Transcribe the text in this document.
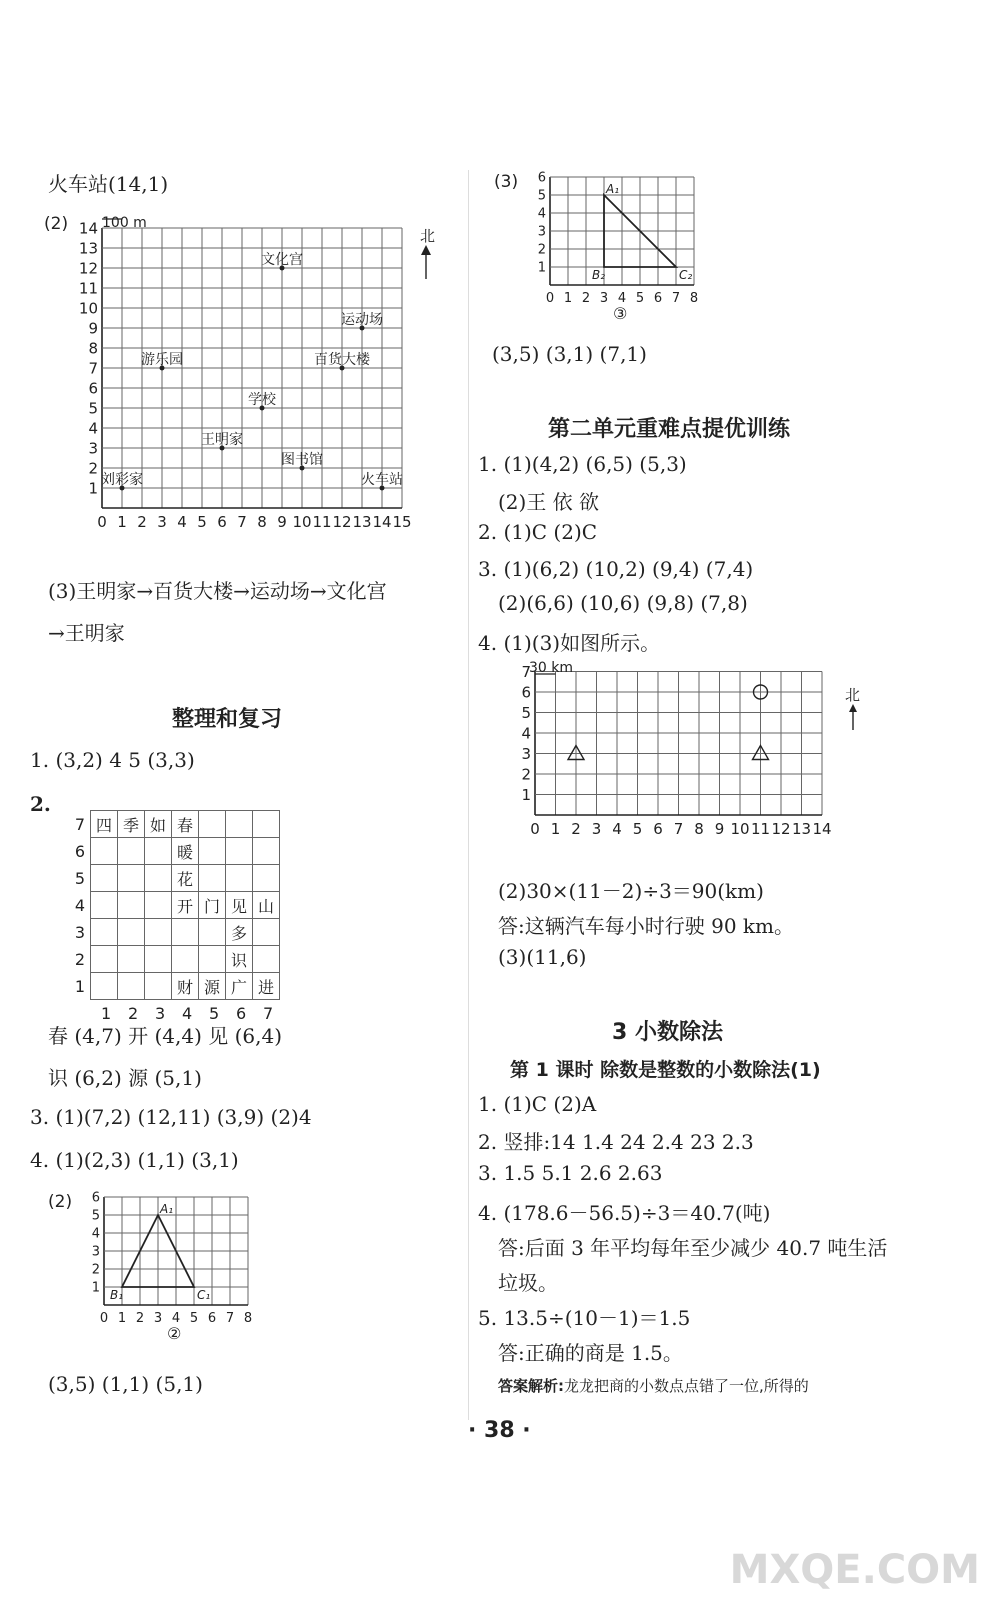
火车站(14,1)
0 1 2 3 4 5 6 7 8 9 10 11 12 13 14 15
1
2
3
4
5
6
7
8
9
10
11
12
13
14
(2) 100 m
北
文化宫
运动场
游乐园	百货大楼
学校
王明家
图书馆
刘彩家	火车站
(3)王明家→百货大楼→运动场→文化宫
→王明家
整理和复习
1. (3,2) 4 5 (3,3)
2.
7	四	季	如	春			
6				暖			
5				花			
4				开	门	见	山
3						多	
2						识	
1				财	源	广	进
1 2 3 4 5 6 7
春 (4,7) 开 (4,4) 见 (6,4)
识 (6,2) 源 (5,1)
3. (1)(7,2) (12,11) (3,9) (2)4
4. (1)(2,3) (1,1) (3,1)
0 1 2 3 4 5 6 7 8
1
2
3
4
5
6
(2)	A₁
B₁	C₁
②
(3,5) (1,1) (5,1)
0 1 2 3 4 5 6 7 8
1
2
3
4
5
6
(3)	A₁
B₂	C₂
③
(3,5) (3,1) (7,1)
第二单元重难点提优训练
1. (1)(4,2) (6,5) (5,3)
(2)王 依 欲
2. (1)C (2)C
3. (1)(6,2) (10,2) (9,4) (7,4)
(2)(6,6) (10,6) (9,8) (7,8)
4. (1)(3)如图所示。
0 1 2 3 4 5 6 7 8 9 10 11 12 13 14
1
2
3
4
5
6
7
30 km
北
(2)30×(11－2)÷3＝90(km)
答:这辆汽车每小时行驶 90 km。
(3)(11,6)
3 小数除法
第 1 课时 除数是整数的小数除法(1)
1. (1)C (2)A
2. 竖排:14 1.4 24 2.4 23 2.3
3. 1.5 5.1 2.6 2.63
4. (178.6－56.5)÷3＝40.7(吨)
答:后面 3 年平均每年至少减少 40.7 吨生活
垃圾。
5. 13.5÷(10－1)＝1.5
答:正确的商是 1.5。
答案解析:龙龙把商的小数点点错了一位,所得的
· 38 ·
MXQE.COM
